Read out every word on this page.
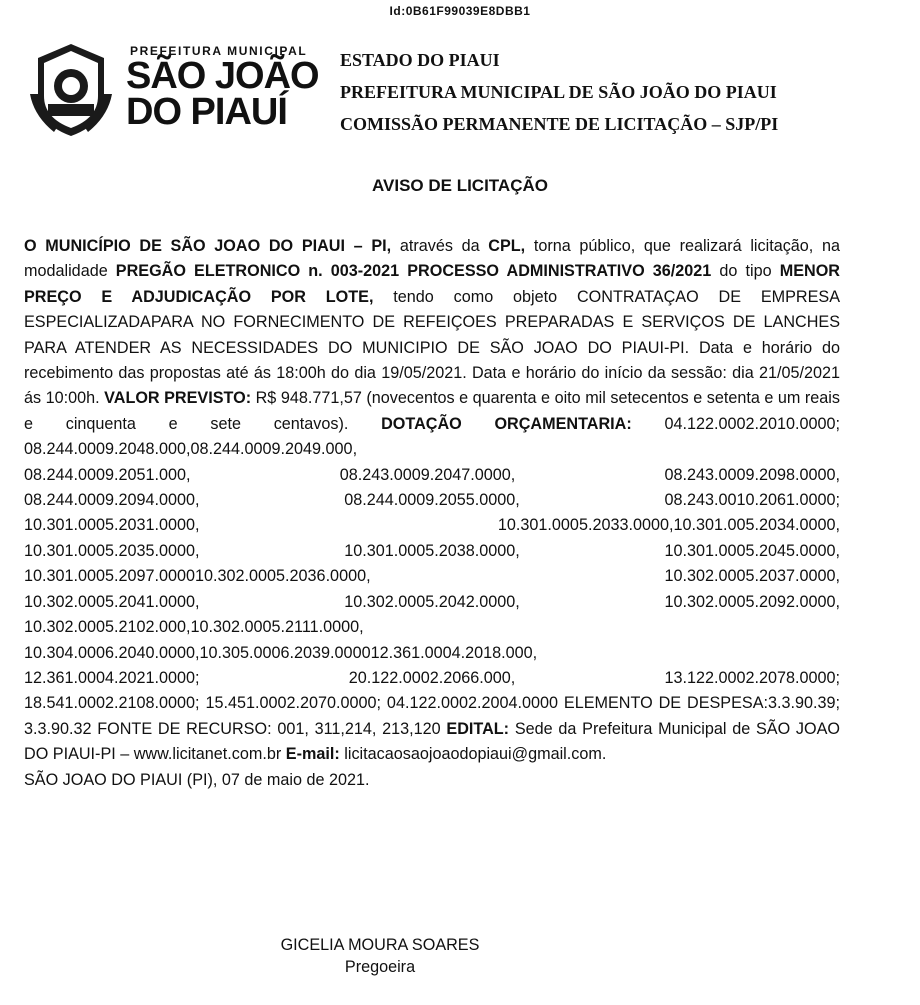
Id:0B61F99039E8DBB1

PREFEITURA MUNICIPAL

SÃO JOÃO

DO PIAUÍ

ESTADO DO PIAUI
PREFEITURA MUNICIPAL DE SÃO JOÃO DO PIAUI
COMISSÃO PERMANENTE DE LICITAÇÃO – SJP/PI
AVISO DE LICITAÇÃO

O MUNICÍPIO DE SÃO JOAO DO PIAUI – PI, através da CPL, torna público, que realizará licitação, na modalidade PREGÃO ELETRONICO n. 003-2021 PROCESSO ADMINISTRATIVO 36/2021 do tipo MENOR PREÇO E ADJUDICAÇÃO POR LOTE, tendo como objeto CONTRATAÇAO DE EMPRESA ESPECIALIZADAPARA NO FORNECIMENTO DE REFEIÇOES PREPARADAS E SERVIÇOS DE LANCHES PARA ATENDER AS NECESSIDADES DO MUNICIPIO DE SÃO JOAO DO PIAUI-PI. Data e horário do recebimento das propostas até ás 18:00h do dia 19/05/2021. Data e horário do início da sessão: dia 21/05/2021 ás 10:00h. VALOR PREVISTO: R$ 948.771,57 (novecentos e quarenta e oito mil setecentos e setenta e um reais e cinquenta e sete centavos). DOTAÇÃO ORÇAMENTARIA: 04.122.0002.2010.0000; 08.244.0009.2048.000,08.244.0009.2049.000,

08.244.0009.2051.000,	08.243.0009.2047.0000,	08.243.0009.2098.0000,
08.244.0009.2094.0000,	08.244.0009.2055.0000,	08.243.0010.2061.0000;
10.301.0005.2031.0000,	10.301.0005.2033.0000,10.301.005.2034.0000,
10.301.0005.2035.0000,	10.301.0005.2038.0000,	10.301.0005.2045.0000,
10.301.0005.2097.000010.302.0005.2036.0000,	10.302.0005.2037.0000,
10.302.0005.2041.0000,	10.302.0005.2042.0000,	10.302.0005.2092.0000,
10.302.0005.2102.000,10.302.0005.2111.0000,
10.304.0006.2040.0000,10.305.0006.2039.000012.361.0004.2018.000,
12.361.0004.2021.0000;	20.122.0002.2066.000,	13.122.0002.2078.0000;

18.541.0002.2108.0000; 15.451.0002.2070.0000; 04.122.0002.2004.0000 ELEMENTO DE DESPESA:3.3.90.39; 3.3.90.32 FONTE DE RECURSO: 001, 311,214, 213,120 EDITAL: Sede da Prefeitura Municipal de SÃO JOAO DO PIAUI-PI – www.licitanet.com.br E-mail: licitacaosaojoaodopiaui@gmail.com.

SÃO JOAO DO PIAUI (PI), 07 de maio de 2021.

GICELIA MOURA SOARES
Pregoeira
